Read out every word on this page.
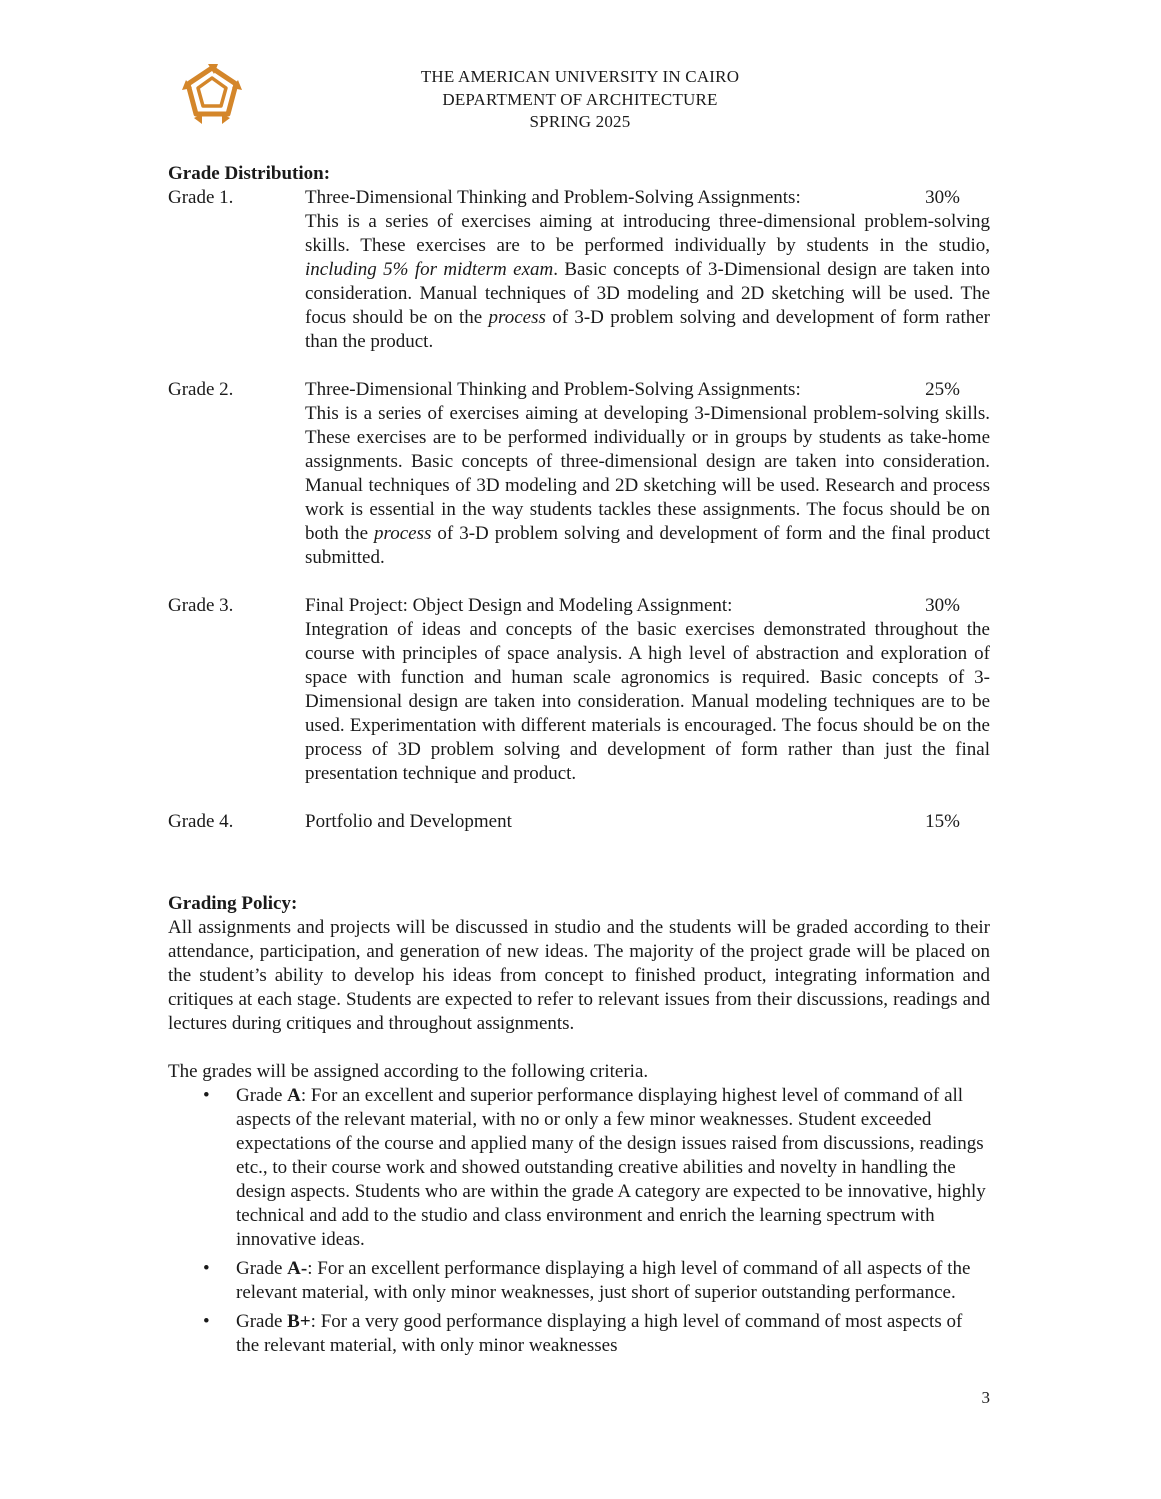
THE AMERICAN UNIVERSITY IN CAIRO
DEPARTMENT OF ARCHITECTURE
SPRING 2025
Grade Distribution:
Grade 1.	Three-Dimensional Thinking and Problem-Solving Assignments:	30%

This is a series of exercises aiming at introducing three-dimensional problem-solving skills. These exercises are to be performed individually by students in the studio, including 5% for midterm exam. Basic concepts of 3-Dimensional design are taken into consideration. Manual techniques of 3D modeling and 2D sketching will be used. The focus should be on the process of 3-D problem solving and development of form rather than the product.

Grade 2.	Three-Dimensional Thinking and Problem-Solving Assignments:	25%

This is a series of exercises aiming at developing 3-Dimensional problem-solving skills. These exercises are to be performed individually or in groups by students as take-home assignments. Basic concepts of three-dimensional design are taken into consideration. Manual techniques of 3D modeling and 2D sketching will be used. Research and process work is essential in the way students tackles these assignments. The focus should be on both the process of 3-D problem solving and development of form and the final product submitted.

Grade 3.	Final Project: Object Design and Modeling Assignment:	30%

Integration of ideas and concepts of the basic exercises demonstrated throughout the course with principles of space analysis. A high level of abstraction and exploration of space with function and human scale agronomics is required. Basic concepts of 3-Dimensional design are taken into consideration. Manual modeling techniques are to be used. Experimentation with different materials is encouraged. The focus should be on the process of 3D problem solving and development of form rather than just the final presentation technique and product.

Grade 4.	Portfolio and Development	15%
Grading Policy:

All assignments and projects will be discussed in studio and the students will be graded according to their attendance, participation, and generation of new ideas. The majority of the project grade will be placed on the student’s ability to develop his ideas from concept to finished product, integrating information and critiques at each stage. Students are expected to refer to relevant issues from their discussions, readings and lectures during critiques and throughout assignments.

The grades will be assigned according to the following criteria.

• Grade A: For an excellent and superior performance displaying highest level of command of all aspects of the relevant material, with no or only a few minor weaknesses. Student exceeded expectations of the course and applied many of the design issues raised from discussions, readings etc., to their course work and showed outstanding creative abilities and novelty in handling the design aspects. Students who are within the grade A category are expected to be innovative, highly technical and add to the studio and class environment and enrich the learning spectrum with innovative ideas.

• Grade A-: For an excellent performance displaying a high level of command of all aspects of the relevant material, with only minor weaknesses, just short of superior outstanding performance.

• Grade B+: For a very good performance displaying a high level of command of most aspects of the relevant material, with only minor weaknesses

3
